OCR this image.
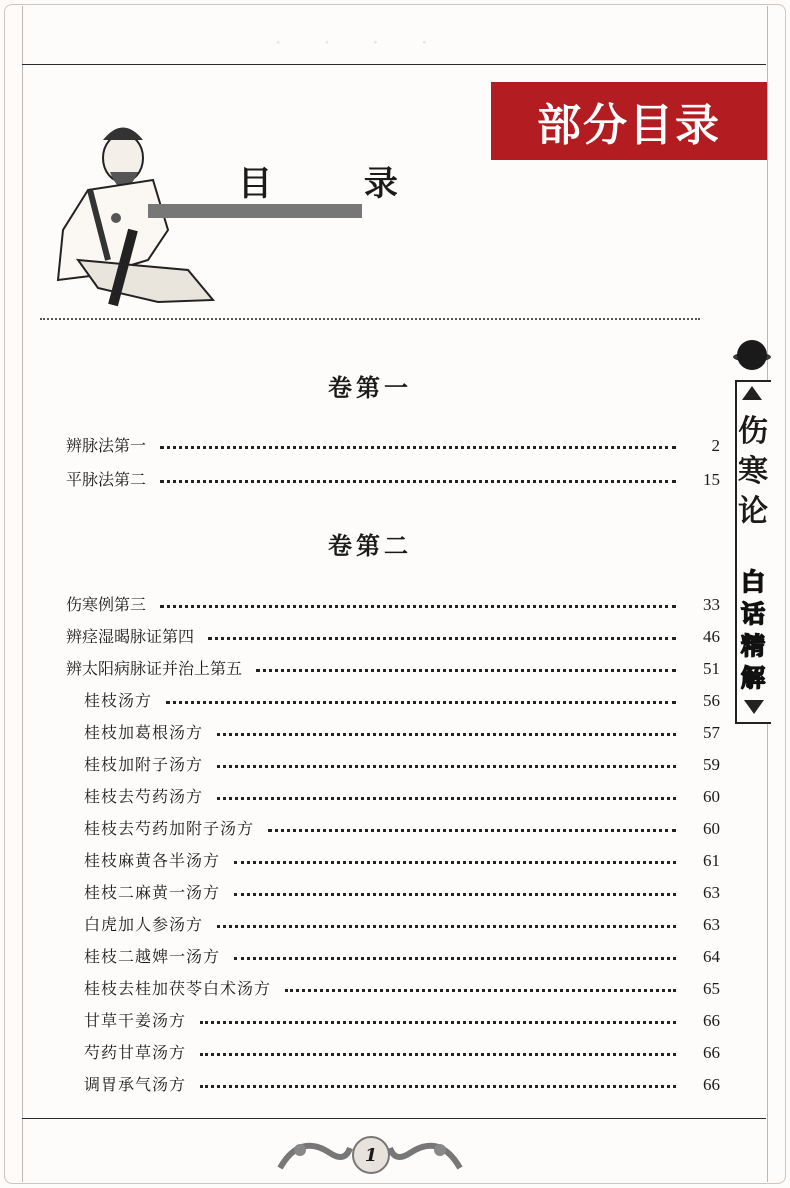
· · · ·
部分目录
目 录
卷第一
辨脉法第一	2
平脉法第二	15
卷第二
伤寒例第三	33
辨痉湿暍脉证第四	46
辨太阳病脉证并治上第五	51
桂枝汤方	56
桂枝加葛根汤方	57
桂枝加附子汤方	59
桂枝去芍药汤方	60
桂枝去芍药加附子汤方	60
桂枝麻黄各半汤方	61
桂枝二麻黄一汤方	63
白虎加人参汤方	63
桂枝二越婢一汤方	64
桂枝去桂加茯苓白术汤方	65
甘草干姜汤方	66
芍药甘草汤方	66
调胃承气汤方	66
伤
寒
论
白
话
精
解
1
